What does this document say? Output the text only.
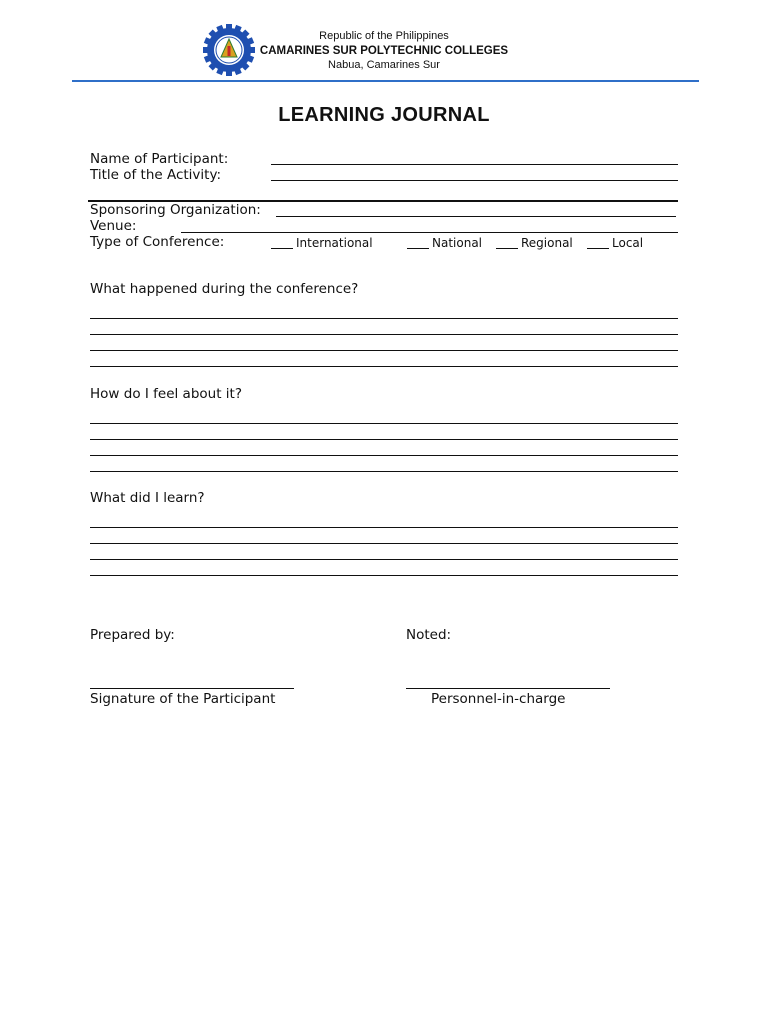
Republic of the Philippines
CAMARINES SUR POLYTECHNIC COLLEGES
Nabua, Camarines Sur
LEARNING JOURNAL
Name of Participant:
Title of the Activity:
Sponsoring Organization:
Venue:
Type of Conference:	International	National	Regional	Local
What happened during the conference?
How do I feel about it?
What did I learn?
Prepared by:	Noted:
Signature of the Participant	Personnel-in-charge
